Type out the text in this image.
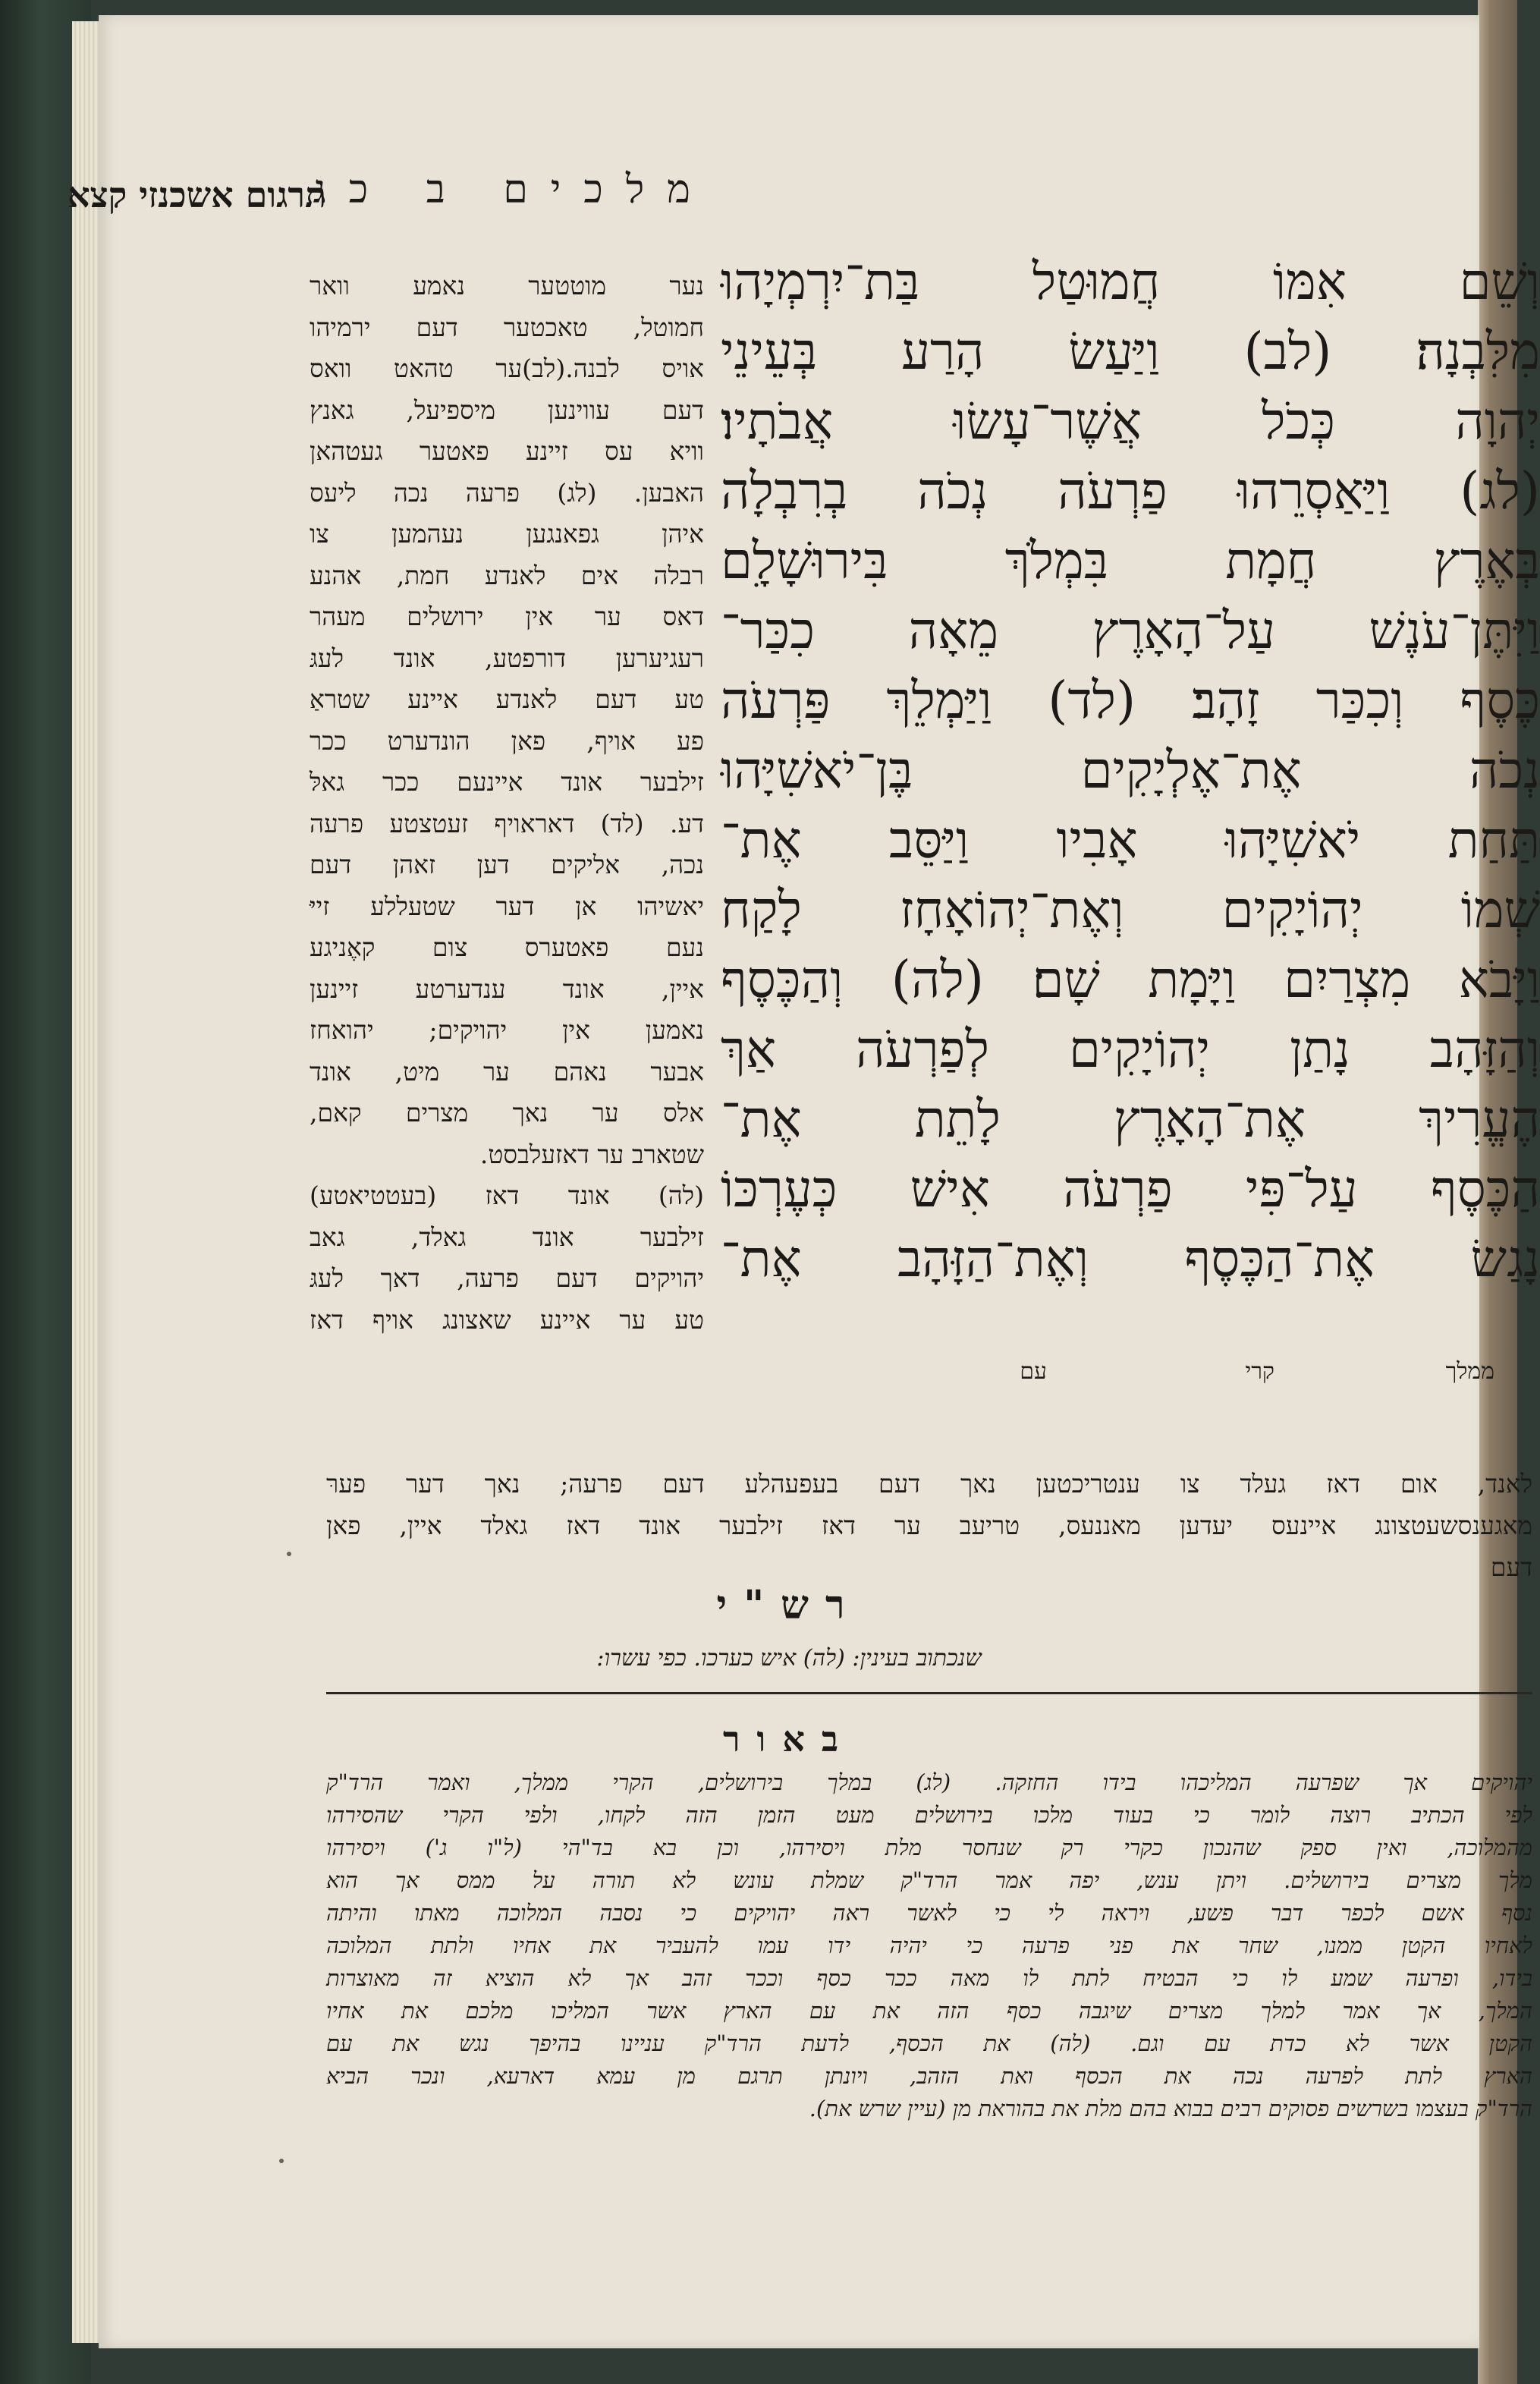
מלכים ב כג
תרגום אשכנזי קצא
וְשֵׁם אִמּוֹ חֲמוּטַל בַּת־יִרְמְיָהוּ
מִלִּבְנָה׃ (לב) וַיַּעַשׂ הָרַע בְּעֵינֵי
יְהוָה כְּכֹל אֲשֶׁר־עָשׂוּ אֲבֹתָיו׃
(לג) וַיַּאַסְרֵהוּ פַרְעֹה נְכֹה בְרִבְלָה
בְּאֶרֶץ חֲמָת בִּמְלֹךְ בִּירוּשָׁלִָם
וַיִּתֶּן־עֹנֶשׁ עַל־הָאָרֶץ מֵאָה כִכַּר־
כֶּסֶף וְכִכַּר זָהָב׃ (לד) וַיַּמְלֵךְ פַּרְעֹה
נְכֹה אֶת־אֶלְיָקִים בֶּן־יֹאשִׁיָּהוּ
תַּחַת יֹאשִׁיָּהוּ אָבִיו וַיַּסֵּב אֶת־
שְׁמוֹ יְהוֹיָקִים וְאֶת־יְהוֹאָחָז לָקַח
וַיָּבֹא מִצְרַיִם וַיָּמָת שָׁם׃ (לה) וְהַכֶּסֶף
וְהַזָּהָב נָתַן יְהוֹיָקִים לְפַרְעֹה אַךְ
הֶעֱרִיךְ אֶת־הָאָרֶץ לָתֵת אֶת־
הַכֶּסֶף עַל־פִּי פַרְעֹה אִישׁ כְּעֶרְכּוֹ
נָגַשׂ אֶת־הַכֶּסֶף וְאֶת־הַזָּהָב אֶת־
נער מוטטער נאמע וואר
חמוטל, טאכטער דעם ירמיהו
אויס לבנה.(לב)ער טהאט וואס
דעם עווינען מיספיעל, גאנץ
וויא עס זיינע פאטער געטהאן
האבען. (לג) פרעה נכה ליעס
איהן גפאנגען נעהמען צו
רבלה אים לאנדע חמת, אהנע
דאס ער אין ירושלים מעהר
רעגיערען דורפטע, אונד לעגּ
טע דעם לאנדע איינע שטראַ
פע אויף, פאן הונדערט ככר
זילבער אונד איינעם ככר גאלּ
דע. (לד) דאראויף זעטצטע פרעה
נכה, אליקים דען זאהן דעם
יאשיהו אן דער שטעללע זייּ
נעם פאטערס צום קאֶניגע
איין, אונד ענדערטע זיינען
נאמען אין יהויקים; יהואחז
אבער נאהם ער מיט, אונד
אלס ער נאך מצרים קאם,
שטארב ער דאזעלבסט.
(לה) אונד דאז (בעטטיאטע)
זילבער אונד גאלד, גאב
יהויקים דעם פרעה, דאך לעגּ
טע ער איינע שאצונג אויף דאז
ממלך
קרי
עם
לאנד, אום דאז געלד צו ענטריכטען נאך דעם בעפעהלע דעם פרעה; נאך דער פערּ
מאגענסשעטצונג איינעס יעדען מאננעס, טריעב ער דאז זילבער אונד דאז גאלד איין, פאן
דעם
רש"י
שנכתוב בעינין: (לה) איש כערכו. כפי עשרו:
באור
יהויקים אך שפרעה המליכהו בידו החזקה. (לג) במלך בירושלים, הקרי ממלך, ואמר הרד"ק
לפי הכתיב רוצה לומר כי בעוד מלכו בירושלים מעט הזמן הזה לקחו, ולפי הקרי שהסירהו
מהמלוכה, ואין ספק שהנכון כקרי רק שנחסר מלת ויסירהו, וכן בא בד"הי (ל"ו ג') ויסירהו
מלך מצרים בירושלים. ויתן ענש, יפה אמר הרד"ק שמלת עונש לא תורה על ממס אך הוא
נסף אשם לכפר דבר פשע, ויראה לי כי לאשר ראה יהויקים כי נסבה המלוכה מאתו והיתה
לאחיו הקטן ממנו, שחר את פני פרעה כי יהיה ידו עמו להעביר את אחיו ולתת המלוכה
בידו, ופרעה שמע לו כי הבטיח לתת לו מאה ככר כסף וככר זהב אך לא הוציא זה מאוצרות
המלך, אך אמר למלך מצרים שיגבה כסף הזה את עם הארץ אשר המליכו מלכם את אחיו
הקטן אשר לא כדת עם וגם. (לה) את הכסף, לדעת הרד"ק עניינו בהיפך נגש את עם
הארץ לתת לפרעה נכה את הכסף ואת הזהב, ויונתן תרגם מן עמא דארעא, ונכר הביא
הרד"ק בעצמו בשרשים פסוקים רבים בבוא בהם מלת את בהוראת מן (עיין שרש את).
